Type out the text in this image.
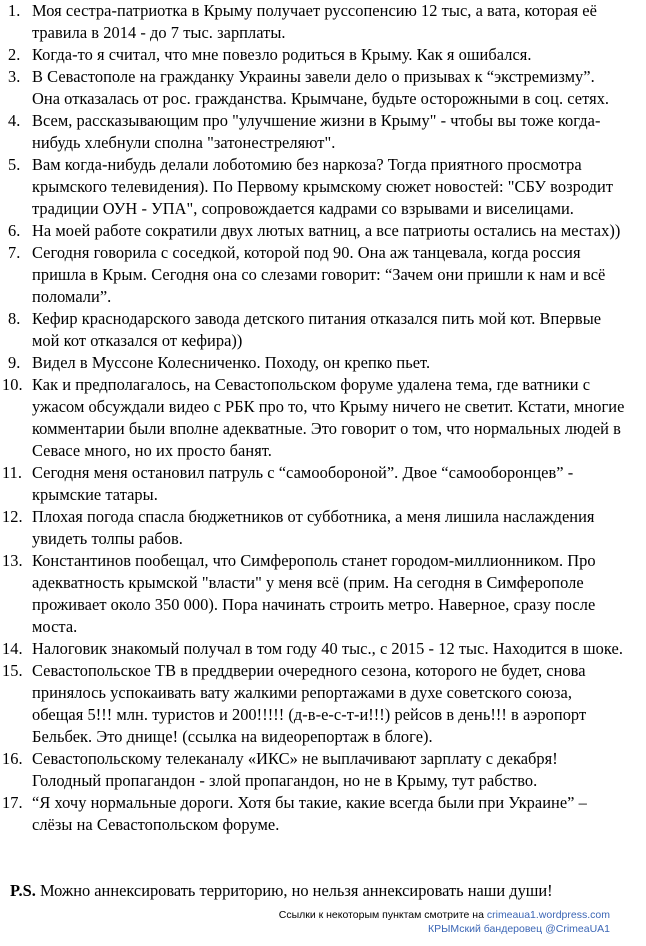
1. Моя сестра-патриотка в Крыму получает руссопенсию 12 тыс, а вата, которая её травила в 2014 - до 7 тыс. зарплаты.
2. Когда-то я считал, что мне повезло родиться в Крыму. Как я ошибался.
3. В Севастополе на гражданку Украины завели дело о призывах к “экстремизму”. Она отказалась от рос. гражданства. Крымчане, будьте осторожными в соц. сетях.
4. Всем, рассказывающим про "улучшение жизни в Крыму" - чтобы вы тоже когда-нибудь хлебнули сполна "затонестреляют".
5. Вам когда-нибудь делали лоботомию без наркоза? Тогда приятного просмотра крымского телевидения). По Первому крымскому сюжет новостей: "СБУ возродит традиции ОУН - УПА", сопровождается кадрами со взрывами и виселицами.
6. На моей работе сократили двух лютых ватниц, а все патриоты остались на местах))
7. Сегодня говорила с соседкой, которой под 90. Она аж танцевала, когда россия пришла в Крым. Сегодня она со слезами говорит: “Зачем они пришли к нам и всё поломали”.
8. Кефир краснодарского завода детского питания отказался пить мой кот. Впервые мой кот отказался от кефира))
9. Видел в Муссоне Колесниченко. Походу, он крепко пьет.
10. Как и предполагалось, на Севастопольском форуме удалена тема, где ватники с ужасом обсуждали видео с РБК про то, что Крыму ничего не светит. Кстати, многие комментарии были вполне адекватные. Это говорит о том, что нормальных людей в Севасе много, но их просто банят.
11. Сегодня меня остановил патруль с “самообороной”. Двое “самооборонцев” - крымские татары.
12. Плохая погода спасла бюджетников от субботника, а меня лишила наслаждения увидеть толпы рабов.
13. Константинов пообещал, что Симферополь станет городом-миллионником. Про адекватность крымской "власти" у меня всё (прим. На сегодня в Симферополе проживает около 350 000). Пора начинать строить метро. Наверное, сразу после моста.
14. Налоговик знакомый получал в том году 40 тыс., с 2015 - 12 тыс. Находится в шоке.
15. Севастопольское ТВ в преддверии очередного сезона, которого не будет, снова принялось успокаивать вату жалкими репортажами в духе советского союза, обещая 5!!! млн. туристов и 200!!!!! (д-в-е-с-т-и!!!) рейсов в день!!! в аэропорт Бельбек. Это днище! (ссылка на видеорепортаж в блоге).
16. Севастопольскому телеканалу «ИКС» не выплачивают зарплату с декабря! Голодный пропагандон - злой пропагандон, но не в Крыму, тут рабство.
17. “Я хочу нормальные дороги. Хотя бы такие, какие всегда были при Украине” – слёзы на Севастопольском форуме.
P.S. Можно аннексировать территорию, но нельзя аннексировать наши души!
Ссылки к некоторым пунктам смотрите на crimeaua1.wordpress.com
КРЫМский бандеровец @CrimeaUA1
